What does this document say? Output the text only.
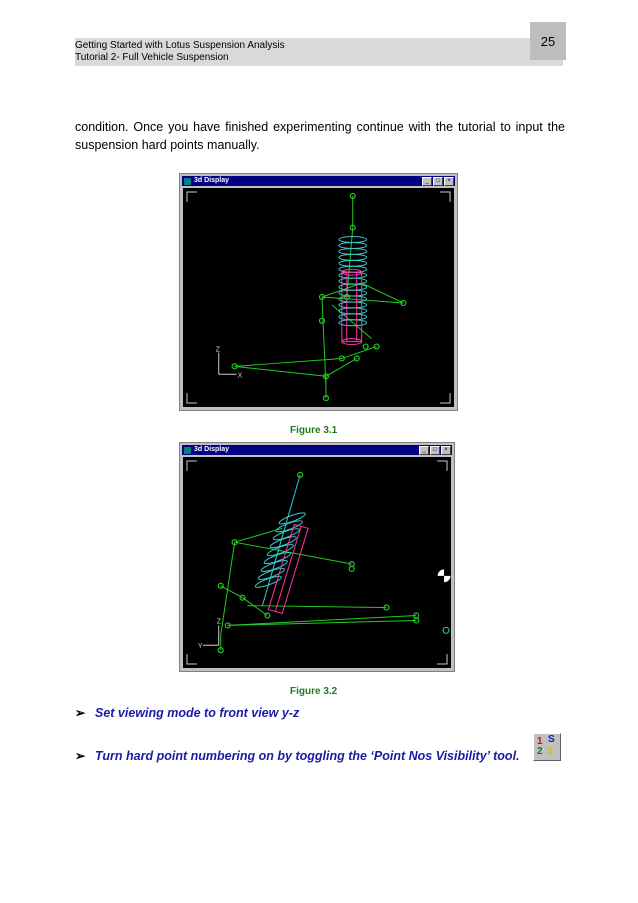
Getting Started with Lotus Suspension Analysis
Tutorial 2- Full Vehicle Suspension
25
condition. Once you have finished experimenting continue with the tutorial to input the suspension hard points manually.
3d Display	_	□	×
Z
X
Figure 3.1
3d Display	_	□	×
Z
Y
Figure 3.2
➢ Set viewing mode to front view y-z
➢ Turn hard point numbering on by toggling the ‘Point Nos Visibility’ tool.
1 S
2 3
